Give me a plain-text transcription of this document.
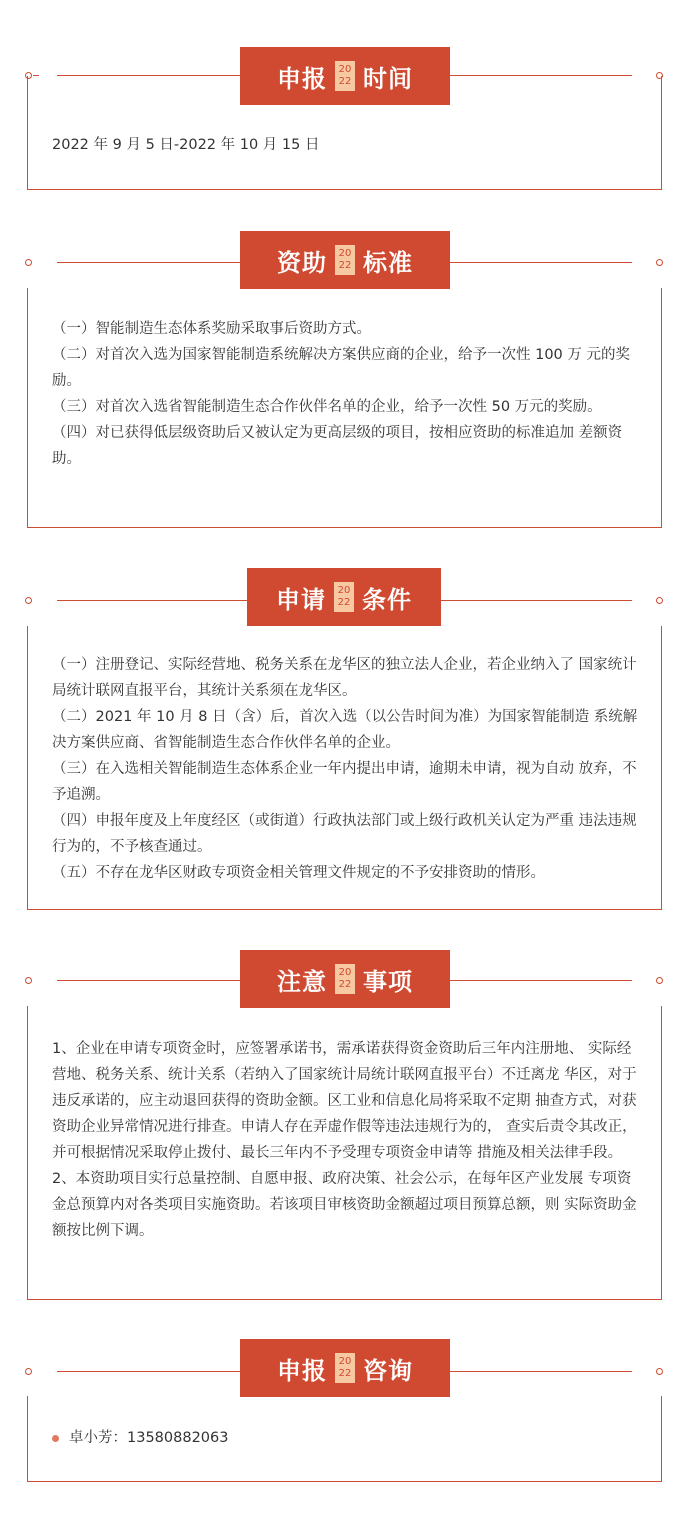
申报 20
22 时间

2022 年 9 月 5 日-2022 年 10 月 15 日

资助 20
22 标准

（一）智能制造生态体系奖励采取事后资助方式。

（二）对首次入选为国家智能制造系统解决方案供应商的企业，给予一次性 100 万 元的奖励。

（三）对首次入选省智能制造生态合作伙伴名单的企业，给予一次性 50 万元的奖励。

（四）对已获得低层级资助后又被认定为更高层级的项目，按相应资助的标准追加 差额资助。

申请 20
22 条件

（一）注册登记、实际经营地、税务关系在龙华区的独立法人企业，若企业纳入了 国家统计局统计联网直报平台，其统计关系须在龙华区。

（二）2021 年 10 月 8 日（含）后，首次入选（以公告时间为准）为国家智能制造 系统解决方案供应商、省智能制造生态合作伙伴名单的企业。

（三）在入选相关智能制造生态体系企业一年内提出申请，逾期未申请，视为自动 放弃，不予追溯。

（四）申报年度及上年度经区（或街道）行政执法部门或上级行政机关认定为严重 违法违规行为的，不予核查通过。

（五）不存在龙华区财政专项资金相关管理文件规定的不予安排资助的情形。

注意 20
22 事项

1、企业在申请专项资金时，应签署承诺书，需承诺获得资金资助后三年内注册地、 实际经营地、税务关系、统计关系（若纳入了国家统计局统计联网直报平台）不迁离龙 华区，对于违反承诺的，应主动退回获得的资助金额。区工业和信息化局将采取不定期 抽查方式，对获资助企业异常情况进行排查。申请人存在弄虚作假等违法违规行为的， 查实后责令其改正，并可根据情况采取停止拨付、最长三年内不予受理专项资金申请等 措施及相关法律手段。

2、本资助项目实行总量控制、自愿申报、政府决策、社会公示，在每年区产业发展 专项资金总预算内对各类项目实施资助。若该项目审核资助金额超过项目预算总额，则 实际资助金额按比例下调。

申报 20
22 咨询
卓小芳：13580882063
